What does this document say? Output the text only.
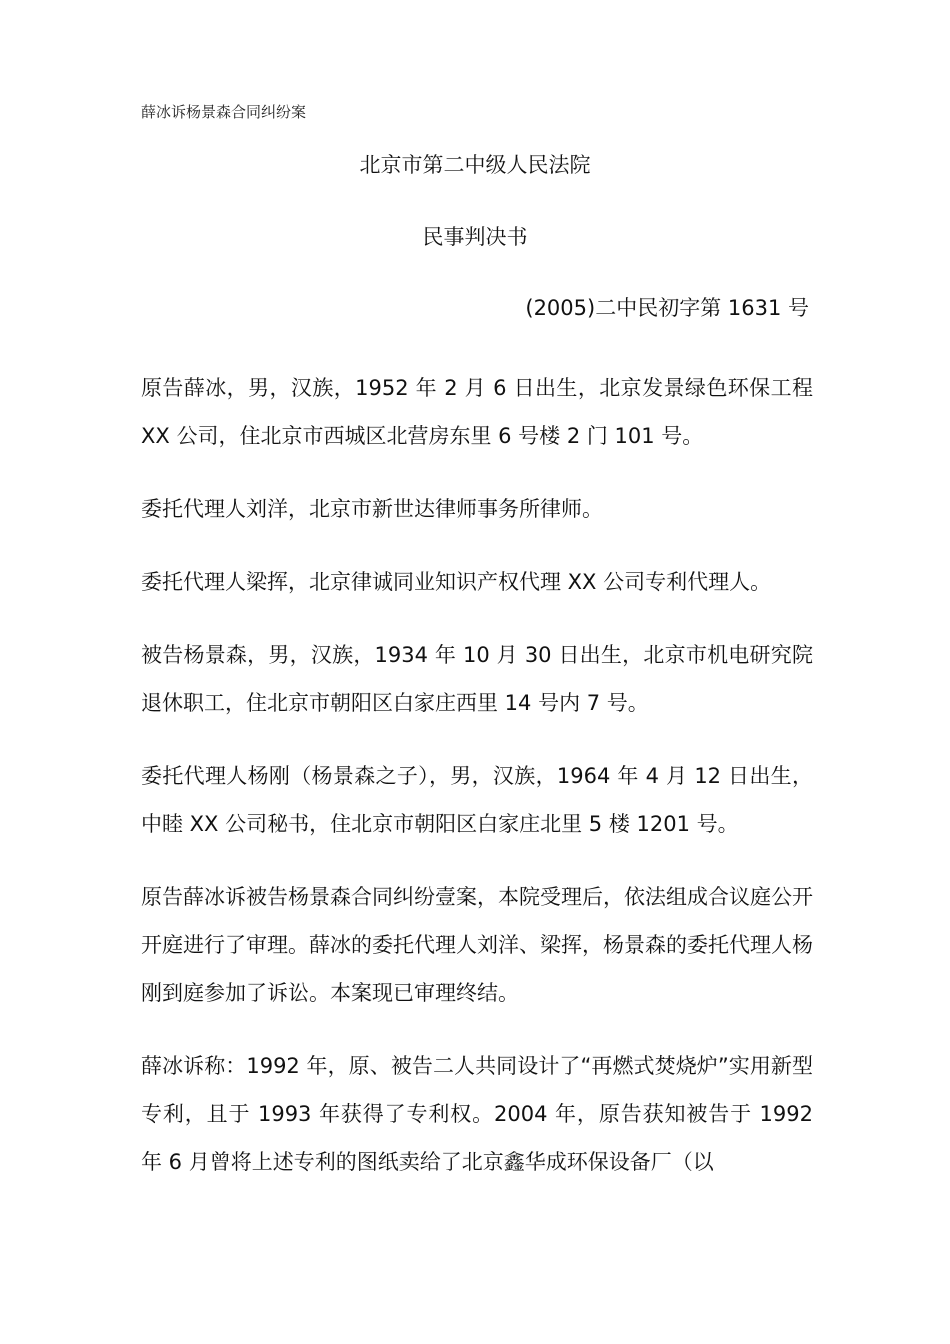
薛冰诉杨景森合同纠纷案
北京市第二中级人民法院
民事判决书
(2005)二中民初字第 1631 号

原告薛冰，男，汉族，1952 年 2 月 6 日出生，北京发景绿色环保工程 XX 公司，住北京市西城区北营房东里 6 号楼 2 门 101 号。

委托代理人刘洋，北京市新世达律师事务所律师。

委托代理人梁挥，北京律诚同业知识产权代理 XX 公司专利代理人。

被告杨景森，男，汉族，1934 年 10 月 30 日出生，北京市机电研究院退休职工，住北京市朝阳区白家庄西里 14 号内 7 号。

委托代理人杨刚（杨景森之子），男，汉族，1964 年 4 月 12 日出生，中睦 XX 公司秘书，住北京市朝阳区白家庄北里 5 楼 1201 号。

原告薛冰诉被告杨景森合同纠纷壹案，本院受理后，依法组成合议庭公开开庭进行了审理。薛冰的委托代理人刘洋、梁挥，杨景森的委托代理人杨刚到庭参加了诉讼。本案现已审理终结。

薛冰诉称：1992 年，原、被告二人共同设计了“再燃式焚烧炉”实用新型专利，且于 1993 年获得了专利权。2004 年，原告获知被告于 1992 年 6 月曾将上述专利的图纸卖给了北京鑫华成环保设备厂（以
